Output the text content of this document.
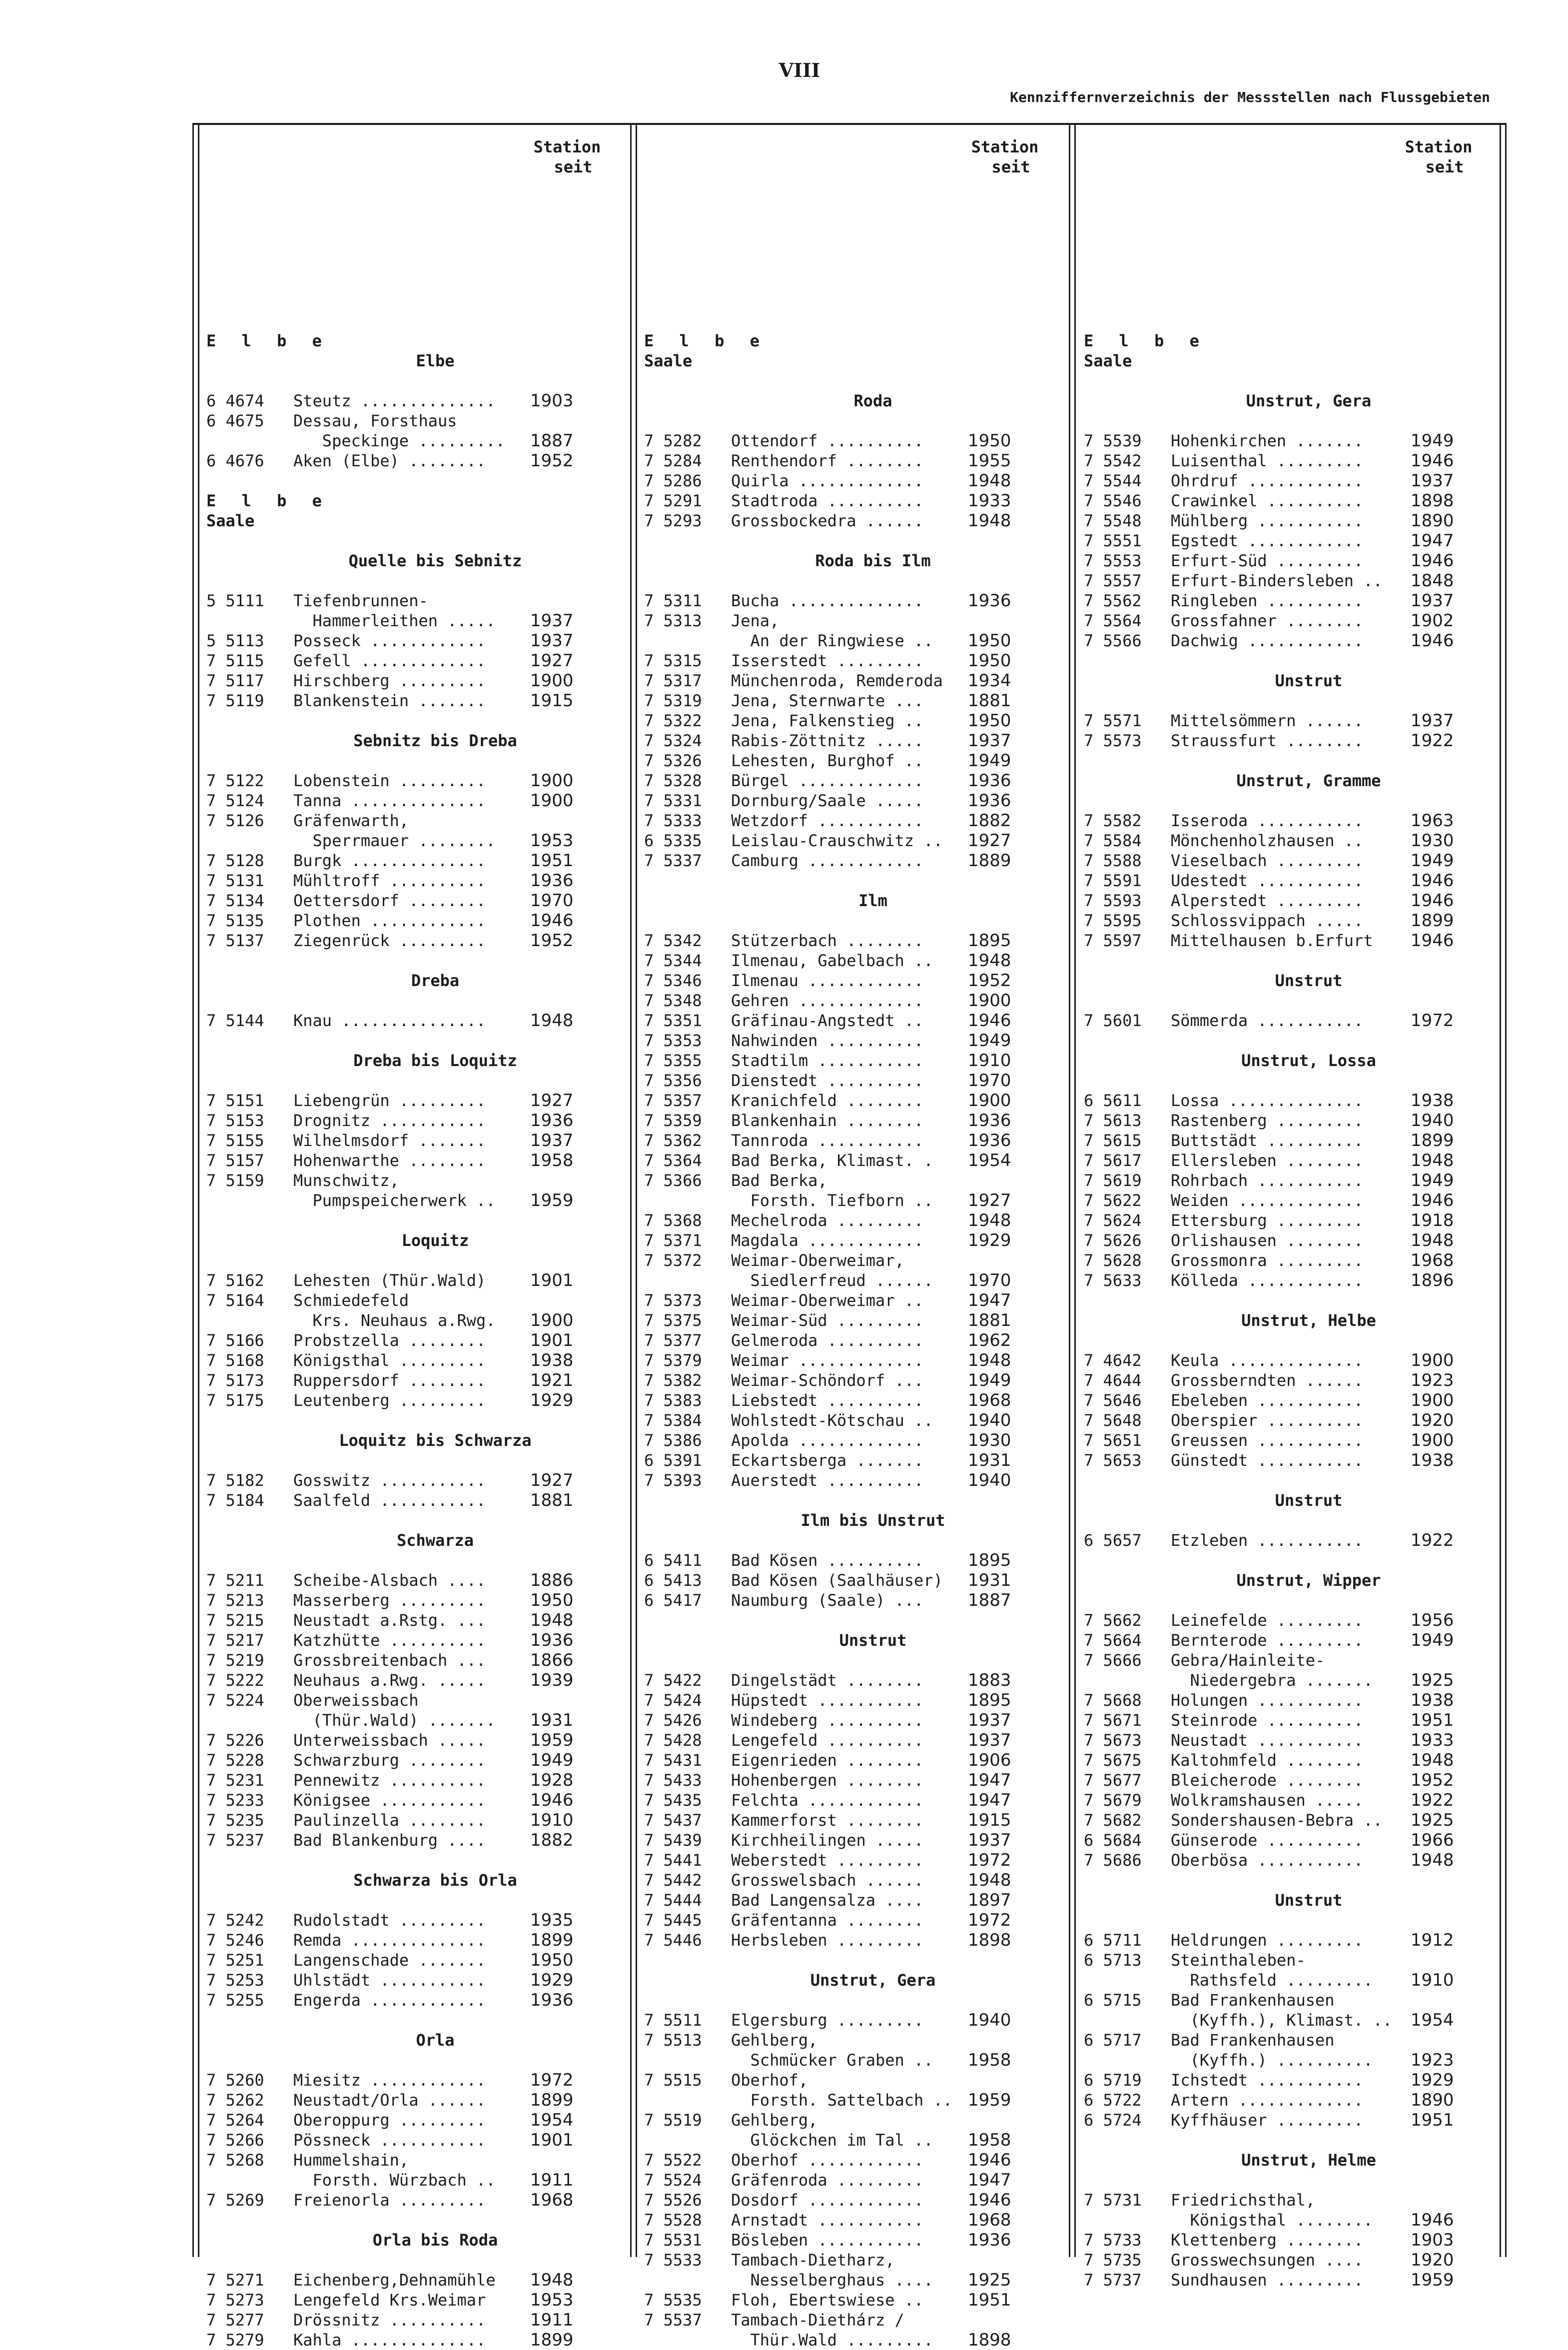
VIII
Kennziffernverzeichnis der Messstellen nach Flussgebieten
Station
seit
E l b e
Elbe
6 4674 Steutz .............. 1903
6 4675 Dessau, Forsthaus
Speckinge ......... 1887
6 4676 Aken (Elbe) ........	1952
E l b e
Saale
Quelle bis Sebnitz
5 5111 Tiefenbrunnen-
Hammerleithen ..... 1937
5 5113 Posseck ............	1937
7 5115 Gefell .............	1927
7 5117 Hirschberg .........	1900
7 5119 Blankenstein .......	1915
Sebnitz bis Dreba
7 5122 Lobenstein .........	1900
7 5124 Tanna ..............	1900
7 5126 Gräfenwarth,
Sperrmauer ........ 1953
7 5128 Burgk ..............	1951
7 5131 Mühltroff ..........	1936
7 5134 Oettersdorf ........	1970
7 5135 Plothen ............	1946
7 5137 Ziegenrück .........	1952
Dreba
7 5144 Knau ...............	1948
Dreba bis Loquitz
7 5151 Liebengrün .........	1927
7 5153 Drognitz ...........	1936
7 5155 Wilhelmsdorf .......	1937
7 5157 Hohenwarthe ........	1958
7 5159 Munschwitz,
Pumpspeicherwerk .. 1959
Loquitz
7 5162 Lehesten (Thür.Wald)	1901
7 5164 Schmiedefeld
Krs. Neuhaus a.Rwg. 1900
7 5166 Probstzella ........	1901
7 5168 Königsthal .........	1938
7 5173 Ruppersdorf ........	1921
7 5175 Leutenberg .........	1929
Loquitz bis Schwarza
7 5182 Gosswitz ...........	1927
7 5184 Saalfeld ...........	1881
Schwarza
7 5211 Scheibe-Alsbach ....	1886
7 5213 Masserberg .........	1950
7 5215 Neustadt a.Rstg. ...	1948
7 5217 Katzhütte ..........	1936
7 5219 Grossbreitenbach ...	1866
7 5222 Neuhaus a.Rwg. .....	1939
7 5224 Oberweissbach
(Thür.Wald) ....... 1931
7 5226 Unterweissbach .....	1959
7 5228 Schwarzburg ........	1949
7 5231 Pennewitz ..........	1928
7 5233 Königsee ...........	1946
7 5235 Paulinzella ........	1910
7 5237 Bad Blankenburg ....	1882
Schwarza bis Orla
7 5242 Rudolstadt .........	1935
7 5246 Remda ..............	1899
7 5251 Langenschade .......	1950
7 5253 Uhlstädt ...........	1929
7 5255 Engerda ............	1936
Orla
7 5260 Miesitz ............	1972
7 5262 Neustadt/Orla ......	1899
7 5264 Oberoppurg .........	1954
7 5266 Pössneck ...........	1901
7 5268 Hummelshain,
Forsth. Würzbach .. 1911
7 5269 Freienorla .........	1968
Orla bis Roda
7 5271 Eichenberg,Dehnamühle 1948
7 5273 Lengefeld Krs.Weimar	1953
7 5277 Drössnitz ..........	1911
7 5279 Kahla ..............	1899
Station
seit
E l b e
Saale
Roda
7 5282 Ottendorf ..........	1950
7 5284 Renthendorf ........	1955
7 5286 Quirla .............	1948
7 5291 Stadtroda ..........	1933
7 5293 Grossbockedra ......	1948
Roda bis Ilm
7 5311 Bucha ..............	1936
7 5313 Jena,
An der Ringwiese .. 1950
7 5315 Isserstedt .........	1950
7 5317 Münchenroda, Remderoda 1934
7 5319 Jena, Sternwarte ...	1881
7 5322 Jena, Falkenstieg ..	1950
7 5324 Rabis-Zöttnitz .....	1937
7 5326 Lehesten, Burghof ..	1949
7 5328 Bürgel .............	1936
7 5331 Dornburg/Saale .....	1936
7 5333 Wetzdorf ...........	1882
6 5335 Leislau-Crauschwitz .. 1927
7 5337 Camburg ............	1889
Ilm
7 5342 Stützerbach ........	1895
7 5344 Ilmenau, Gabelbach .. 1948
7 5346 Ilmenau ............	1952
7 5348 Gehren .............	1900
7 5351 Gräfinau-Angstedt ..	1946
7 5353 Nahwinden ..........	1949
7 5355 Stadtilm ...........	1910
7 5356 Dienstedt ..........	1970
7 5357 Kranichfeld ........	1900
7 5359 Blankenhain ........	1936
7 5362 Tannroda ...........	1936
7 5364 Bad Berka, Klimast. . 1954
7 5366 Bad Berka,
Forsth. Tiefborn .. 1927
7 5368 Mechelroda .........	1948
7 5371 Magdala ............	1929
7 5372 Weimar-Oberweimar,
Siedlerfreud ...... 1970
7 5373 Weimar-Oberweimar ..	1947
7 5375 Weimar-Süd .........	1881
7 5377 Gelmeroda ..........	1962
7 5379 Weimar .............	1948
7 5382 Weimar-Schöndorf ...	1949
7 5383 Liebstedt ..........	1968
7 5384 Wohlstedt-Kötschau .. 1940
7 5386 Apolda .............	1930
6 5391 Eckartsberga .......	1931
7 5393 Auerstedt ..........	1940
Ilm bis Unstrut
6 5411 Bad Kösen ..........	1895
6 5413 Bad Kösen (Saalhäuser) 1931
6 5417 Naumburg (Saale) ...	1887
Unstrut
7 5422 Dingelstädt ........	1883
7 5424 Hüpstedt ...........	1895
7 5426 Windeberg ..........	1937
7 5428 Lengefeld ..........	1937
7 5431 Eigenrieden ........	1906
7 5433 Hohenbergen ........	1947
7 5435 Felchta ............	1947
7 5437 Kammerforst ........	1915
7 5439 Kirchheilingen .....	1937
7 5441 Weberstedt .........	1972
7 5442 Grosswelsbach ......	1948
7 5444 Bad Langensalza ....	1897
7 5445 Gräfentanna ........	1972
7 5446 Herbsleben .........	1898
Unstrut, Gera
7 5511 Elgersburg .........	1940
7 5513 Gehlberg,
Schmücker Graben .. 1958
7 5515 Oberhof,
Forsth. Sattelbach .. 1959
7 5519 Gehlberg,
Glöckchen im Tal .. 1958
7 5522 Oberhof ............	1946
7 5524 Gräfenroda .........	1947
7 5526 Dosdorf ............	1946
7 5528 Arnstadt ...........	1968
7 5531 Bösleben ...........	1936
7 5533 Tambach-Dietharz,
Nesselberghaus .... 1925
7 5535 Floh, Ebertswiese ..	1951
7 5537 Tambach-Diethárz /
Thür.Wald ......... 1898
Station
seit
E l b e
Saale
Unstrut, Gera
7 5539 Hohenkirchen .......	1949
7 5542 Luisenthal .........	1946
7 5544 Ohrdruf ............	1937
7 5546 Crawinkel ..........	1898
7 5548 Mühlberg ...........	1890
7 5551 Egstedt ............	1947
7 5553 Erfurt-Süd .........	1946
7 5557 Erfurt-Bindersleben .. 1848
7 5562 Ringleben ..........	1937
7 5564 Grossfahner ........	1902
7 5566 Dachwig ............	1946
Unstrut
7 5571 Mittelsömmern ......	1937
7 5573 Straussfurt ........	1922
Unstrut, Gramme
7 5582 Isseroda ...........	1963
7 5584 Mönchenholzhausen ..	1930
7 5588 Vieselbach .........	1949
7 5591 Udestedt ...........	1946
7 5593 Alperstedt .........	1946
7 5595 Schlossvippach .....	1899
7 5597 Mittelhausen b.Erfurt 1946
Unstrut
7 5601 Sömmerda ...........	1972
Unstrut, Lossa
6 5611 Lossa ..............	1938
7 5613 Rastenberg .........	1940
7 5615 Buttstädt ..........	1899
7 5617 Ellersleben ........	1948
7 5619 Rohrbach ...........	1949
7 5622 Weiden .............	1946
7 5624 Ettersburg .........	1918
7 5626 Orlishausen ........	1948
7 5628 Grossmonra .........	1968
7 5633 Kölleda ............	1896
Unstrut, Helbe
7 4642 Keula ..............	1900
7 4644 Grossberndten ......	1923
7 5646 Ebeleben ...........	1900
7 5648 Oberspier ..........	1920
7 5651 Greussen ...........	1900
7 5653 Günstedt ...........	1938
Unstrut
6 5657 Etzleben ...........	1922
Unstrut, Wipper
7 5662 Leinefelde .........	1956
7 5664 Bernterode .........	1949
7 5666 Gebra/Hainleite-
Niedergebra ....... 1925
7 5668 Holungen ...........	1938
7 5671 Steinrode ..........	1951
7 5673 Neustadt ...........	1933
7 5675 Kaltohmfeld ........	1948
7 5677 Bleicherode ........	1952
7 5679 Wolkramshausen .....	1922
7 5682 Sondershausen-Bebra .. 1925
6 5684 Günserode ..........	1966
7 5686 Oberbösa ...........	1948
Unstrut
6 5711 Heldrungen .........	1912
6 5713 Steinthaleben-
Rathsfeld ......... 1910
6 5715 Bad Frankenhausen
(Kyffh.), Klimast. .. 1954
6 5717 Bad Frankenhausen
(Kyffh.) .......... 1923
6 5719 Ichstedt ...........	1929
6 5722 Artern .............	1890
6 5724 Kyffhäuser .........	1951
Unstrut, Helme
7 5731 Friedrichsthal,
Königsthal ........ 1946
7 5733 Klettenberg ........	1903
7 5735 Grosswechsungen ....	1920
7 5737 Sundhausen .........	1959
